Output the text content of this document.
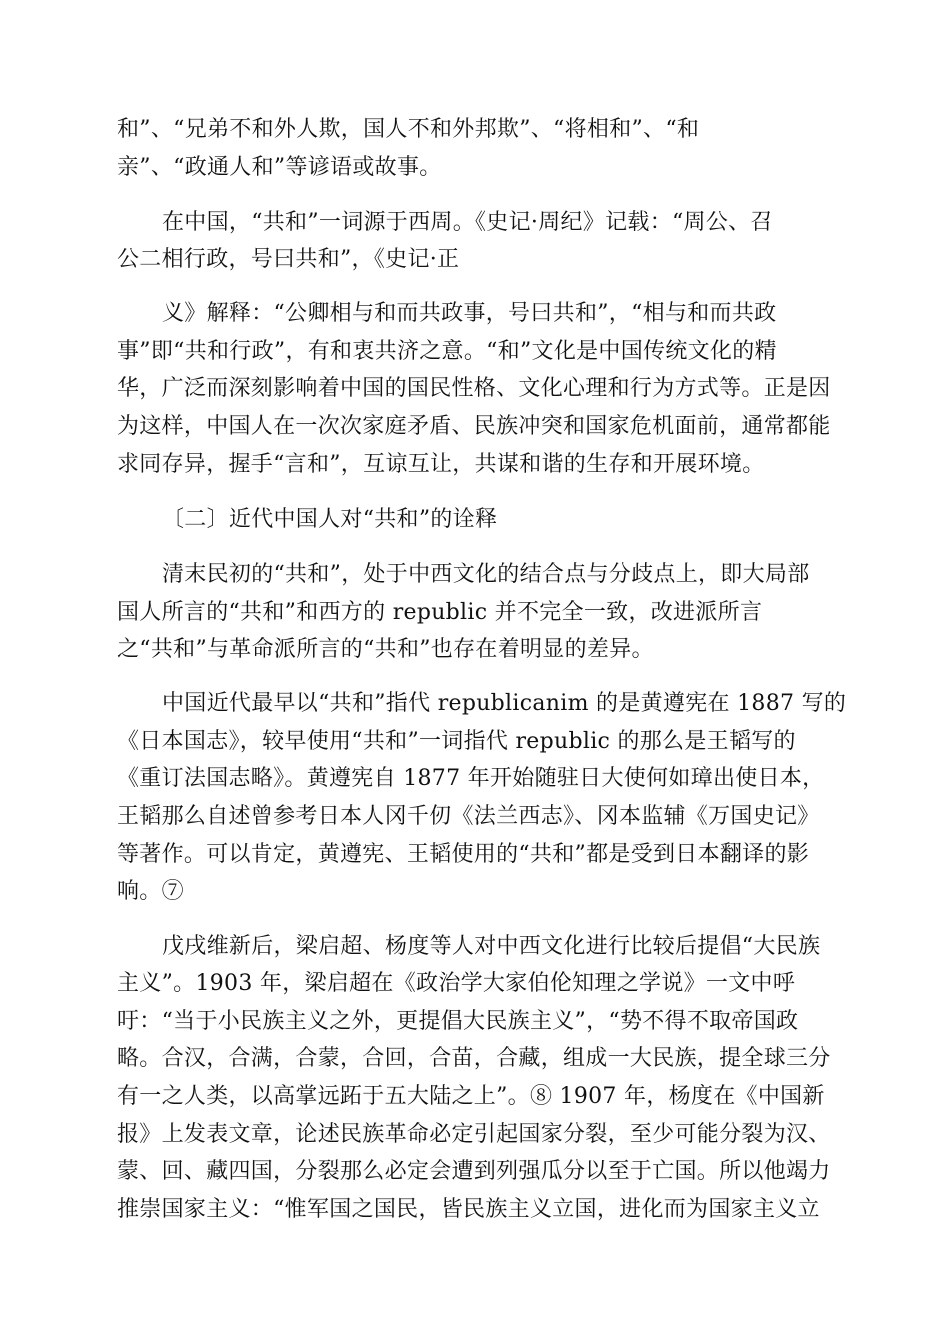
和”、“兄弟不和外人欺，国人不和外邦欺”、“将相和”、“和
亲”、“政通人和”等谚语或故事。
在中国，“共和”一词源于西周。《史记·周纪》记载：“周公、召
公二相行政，号曰共和”，《史记·正
义》解释：“公卿相与和而共政事，号曰共和”，“相与和而共政
事”即“共和行政”，有和衷共济之意。“和”文化是中国传统文化的精
华，广泛而深刻影响着中国的国民性格、文化心理和行为方式等。正是因
为这样，中国人在一次次家庭矛盾、民族冲突和国家危机面前，通常都能
求同存异，握手“言和”，互谅互让，共谋和谐的生存和开展环境。
〔二〕近代中国人对“共和”的诠释
清末民初的“共和”，处于中西文化的结合点与分歧点上，即大局部
国人所言的“共和”和西方的 republic 并不完全一致，改进派所言
之“共和”与革命派所言的“共和”也存在着明显的差异。
中国近代最早以“共和”指代 republicanim 的是黄遵宪在 1887 写的
《日本国志》，较早使用“共和”一词指代 republic 的那么是王韬写的
《重订法国志略》。黄遵宪自 1877 年开始随驻日大使何如璋出使日本，
王韬那么自述曾参考日本人冈千仞《法兰西志》、冈本监辅《万国史记》
等著作。可以肯定，黄遵宪、王韬使用的“共和”都是受到日本翻译的影
响。⑦
戊戌维新后，梁启超、杨度等人对中西文化进行比较后提倡“大民族
主义”。1903 年，梁启超在《政治学大家伯伦知理之学说》一文中呼
吁：“当于小民族主义之外，更提倡大民族主义”，“势不得不取帝国政
略。合汉，合满，合蒙，合回，合苗，合藏，组成一大民族，提全球三分
有一之人类，以高掌远跖于五大陆之上”。⑧ 1907 年，杨度在《中国新
报》上发表文章，论述民族革命必定引起国家分裂，至少可能分裂为汉、
蒙、回、藏四国，分裂那么必定会遭到列强瓜分以至于亡国。所以他竭力
推崇国家主义：“惟军国之国民，皆民族主义立国，进化而为国家主义立
